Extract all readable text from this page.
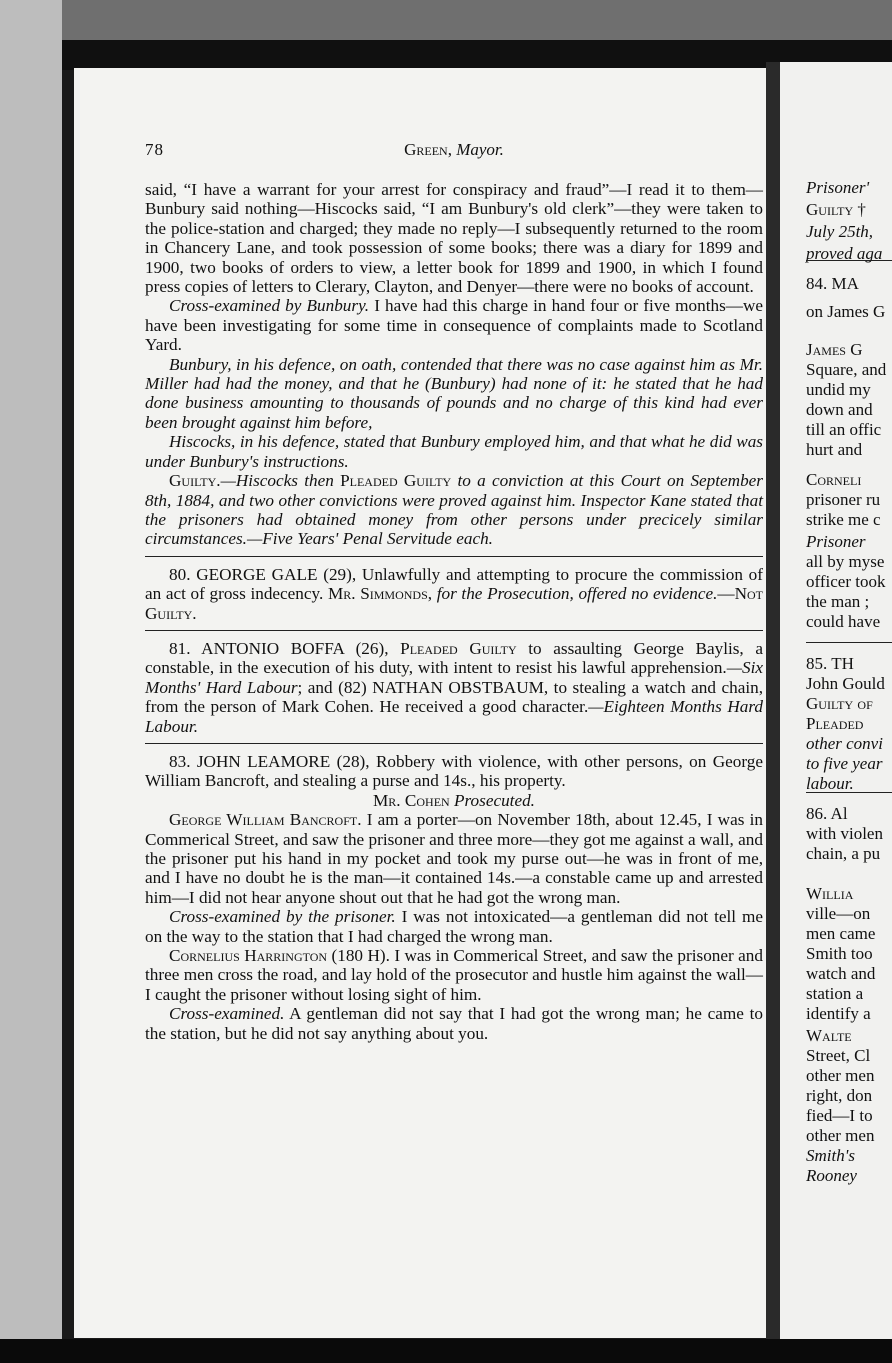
78	Green, Mayor.

said, “I have a warrant for your arrest for conspiracy and fraud”—I read it to them—Bunbury said nothing—Hiscocks said, “I am Bunbury's old clerk”—they were taken to the police-station and charged; they made no reply—I subsequently returned to the room in Chancery Lane, and took possession of some books; there was a diary for 1899 and 1900, two books of orders to view, a letter book for 1899 and 1900, in which I found press copies of letters to Clerary, Clayton, and Denyer—there were no books of account.

Cross-examined by Bunbury. I have had this charge in hand four or five months—we have been investigating for some time in consequence of complaints made to Scotland Yard.

Bunbury, in his defence, on oath, contended that there was no case against him as Mr. Miller had had the money, and that he (Bunbury) had none of it: he stated that he had done business amounting to thousands of pounds and no charge of this kind had ever been brought against him before,

Hiscocks, in his defence, stated that Bunbury employed him, and that what he did was under Bunbury's instructions.

Guilty.—Hiscocks then Pleaded Guilty to a conviction at this Court on September 8th, 1884, and two other convictions were proved against him. Inspector Kane stated that the prisoners had obtained money from other persons under precicely similar circumstances.—Five Years' Penal Servitude each.

80. GEORGE GALE (29), Unlawfully and attempting to procure the commission of an act of gross indecency. Mr. Simmonds, for the Prosecution, offered no evidence.—Not Guilty.

81. ANTONIO BOFFA (26), Pleaded Guilty to assaulting George Baylis, a constable, in the execution of his duty, with intent to resist his lawful apprehension.—Six Months' Hard Labour; and (82) NATHAN OBSTBAUM, to stealing a watch and chain, from the person of Mark Cohen. He received a good character.—Eighteen Months Hard Labour.

83. JOHN LEAMORE (28), Robbery with violence, with other persons, on George William Bancroft, and stealing a purse and 14s., his property.

Mr. Cohen Prosecuted.

George William Bancroft. I am a porter—on November 18th, about 12.45, I was in Commerical Street, and saw the prisoner and three more—they got me against a wall, and the prisoner put his hand in my pocket and took my purse out—he was in front of me, and I have no doubt he is the man—it contained 14s.—a constable came up and arrested him—I did not hear anyone shout out that he had got the wrong man.

Cross-examined by the prisoner. I was not intoxicated—a gentleman did not tell me on the way to the station that I had charged the wrong man.

Cornelius Harrington (180 H). I was in Commerical Street, and saw the prisoner and three men cross the road, and lay hold of the prosecutor and hustle him against the wall—I caught the prisoner without losing sight of him.

Cross-examined. A gentleman did not say that I had got the wrong man; he came to the station, but he did not say anything about you.

Prisoner'
Guilty †
July 25th,
proved aga
84. MA
on James G
James G
Square, and
undid my
down and
till an offic
hurt and
Corneli
prisoner ru
strike me c
Prisoner
all by myse
officer took
the man ;
could have
85. TH
John Gould
Guilty of
Pleaded
other convi
to five year
labour.
86. Al
with violen
chain, a pu
Willia
ville—on
men came
Smith too
watch and
station a
identify a
Walte
Street, Cl
other men
right, don
fied—I to
other men
Smith's
Rooney
